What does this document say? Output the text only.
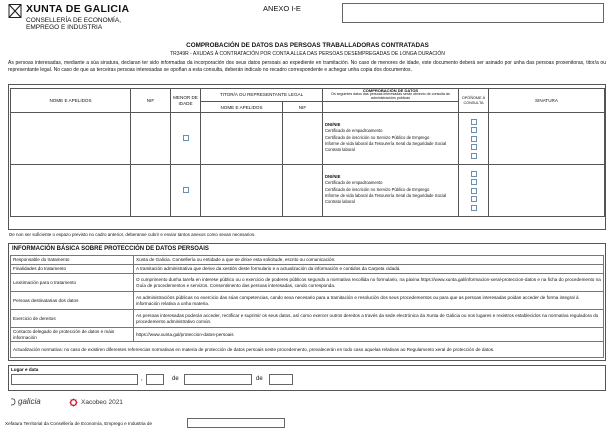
XUNTA DE GALICIA
CONSELLERÍA DE ECONOMÍA,
EMPREGO E INDUSTRIA
ANEXO I-E
COMPROBACIÓN DE DATOS DAS PERSOAS TRABALLADORAS CONTRATADAS
TR349R - AXUDAS Á CONTRATACIÓN POR CONTA ALLEA DAS PERSOAS DESEMPREGADAS DE LONGA DURACIÓN
As persoas interesadas, mediante a súa sinatura, declaran ter sido informadas da incorporación dos seus datos persoais ao expediente en tramitación. No caso de menores de idade, este documento deberá ser asinado por unha das persoas proxenitoras, titor/a ou representante legal. No caso de que as terceiras persoas interesadas se opoñan a esta consulta, deberán indicalo no recadro correspondente e achegar unha copia dos documentos.
NOME E APELIDOS	NIF	MENOR DE IDADE	TITOR/A OU REPRESENTANTE LEGAL		COMPROBACIÓN DE DATOS
Os seguintes datos das persoas interesadas serán obxecto de consulta ás administracións públicas	OPÓÑOME Á CONSULTA	SINATURA
			NOME E APELIDOS	NIF			

					DNI/NIE
Certificado de empadroamento
Certificado de inscrición no Servizo Público de Emprego
Informe de vida laboral da Tesourería Xeral da Seguridade Social
Contrato laboral		

					DNI/NIE
Certificado de empadroamento
Certificado de inscrición no Servizo Público de Emprego
Informe de vida laboral da Tesourería Xeral da Seguridade Social
Contrato laboral		

De non ser suficiente o espazo previsto no cadro anterior, deberanse cubrir e enviar tantos anexos como sexan necesarios.
INFORMACIÓN BÁSICA SOBRE PROTECCIÓN DE DATOS PERSOAIS
Responsable do tratamento	Xunta de Galicia. Consellería ou entidade a que se dirixe esta solicitude, escrito ou comunicación.
Finalidades do tratamento	A tramitación administrativa que derive da xestión deste formulario e a actualización da información e contidos da Carpeta cidadá.
Lexitimación para o tratamento	O cumprimento dunha tarefa en interese público ou o exercicio de poderes públicos segundo a normativa recollida no formulario, na páxina https://www.xunta.gal/informacion-xeral-proteccion-datos e na ficha do procedemento na Guía de procedementos e servizos. Consentimento das persoas interesadas, cando corresponda.
Persoas destinatarias dos datos	As administracións públicas no exercicio das súas competencias, cando sexa necesario para a tramitación e resolución dos seus procedementos ou para que as persoas interesadas poidan acceder de forma integral á información relativa a unha materia.
Exercicio de dereitos	As persoas interesadas poderán acceder, rectificar e suprimir os seus datos, así como exercer outros dereitos a través da sede electrónica da Xunta de Galicia ou nos lugares e rexistros establecidos na normativa reguladora do procedemento administrativo común.
Contacto delegado de protección de datos e máis información	https://www.xunta.gal/proteccion-datos-persoais
Actualización normativa: no caso de existiren diferentes referencias normativas en materia de protección de datos persoais neste procedemento, prevalecerán en todo caso aquelas relativas ao Regulamento xeral de protección de datos.	
Lugar e data
,	de	de
galicia	Xacobeo 2021
Xefatura Territorial da Consellería de Economía, Emprego e Industria de
